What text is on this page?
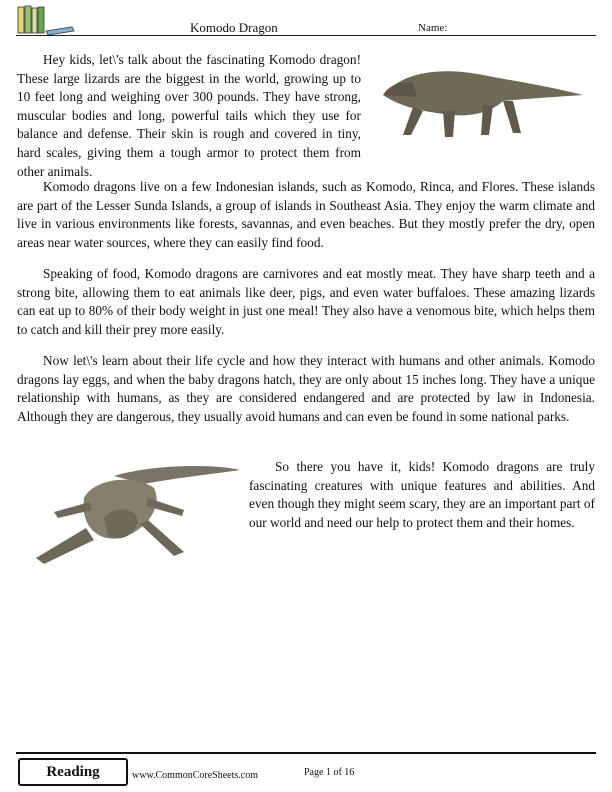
Komodo Dragon	Name:

Hey kids, let\'s talk about the fascinating Komodo dragon! These large lizards are the biggest in the world, growing up to 10 feet long and weighing over 300 pounds. They have strong, muscular bodies and long, powerful tails which they use for balance and defense. Their skin is rough and covered in tiny, hard scales, giving them a tough armor to protect them from other animals.

Komodo dragons live on a few Indonesian islands, such as Komodo, Rinca, and Flores. These islands are part of the Lesser Sunda Islands, a group of islands in Southeast Asia. They enjoy the warm climate and live in various environments like forests, savannas, and even beaches. But they mostly prefer the dry, open areas near water sources, where they can easily find food.

Speaking of food, Komodo dragons are carnivores and eat mostly meat. They have sharp teeth and a strong bite, allowing them to eat animals like deer, pigs, and even water buffaloes. These amazing lizards can eat up to 80% of their body weight in just one meal! They also have a venomous bite, which helps them to catch and kill their prey more easily.

Now let\'s learn about their life cycle and how they interact with humans and other animals. Komodo dragons lay eggs, and when the baby dragons hatch, they are only about 15 inches long. They have a unique relationship with humans, as they are considered endangered and are protected by law in Indonesia. Although they are dangerous, they usually avoid humans and can even be found in some national parks.

So there you have it, kids! Komodo dragons are truly fascinating creatures with unique features and abilities. And even though they might seem scary, they are an important part of our world and need our help to protect them and their homes.

Reading	www.CommonCoreSheets.com	Page 1 of 16
